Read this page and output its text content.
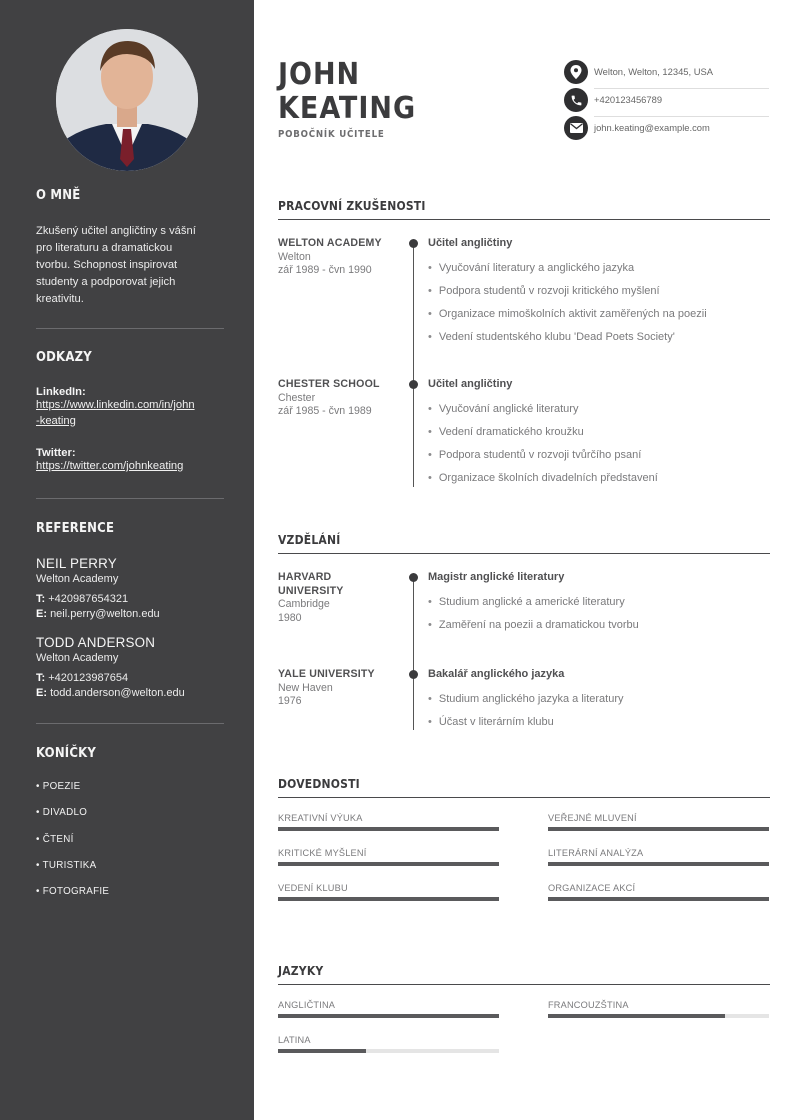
O MNĚ
Zkušený učitel angličtiny s vášní
pro literaturu a dramatickou
tvorbu. Schopnost inspirovat
studenty a podporovat jejich
kreativitu.
ODKAZY
LinkedIn:
https://www.linkedin.com/in/john
-keating
Twitter:
https://twitter.com/johnkeating
REFERENCE
NEIL PERRY
Welton Academy
T: +420987654321
E: neil.perry@welton.edu
TODD ANDERSON
Welton Academy
T: +420123987654
E: todd.anderson@welton.edu
KONÍČKY
• POEZIE
• DIVADLO
• ČTENÍ
• TURISTIKA
• FOTOGRAFIE
JOHN
KEATING
POBOČNÍK UČITELE
Welton, Welton, 12345, USA
+420123456789
john.keating@example.com
PRACOVNÍ ZKUŠENOSTI
WELTON ACADEMY
Welton
zář 1989 - čvn 1990
Učitel angličtiny
• Vyučování literatury a anglického jazyka
• Podpora studentů v rozvoji kritického myšlení
• Organizace mimoškolních aktivit zaměřených na poezii
• Vedení studentského klubu 'Dead Poets Society'
CHESTER SCHOOL
Chester
zář 1985 - čvn 1989
Učitel angličtiny
• Vyučování anglické literatury
• Vedení dramatického kroužku
• Podpora studentů v rozvoji tvůrčího psaní
• Organizace školních divadelních představení
VZDĚLÁNÍ
HARVARD
UNIVERSITY
Cambridge
1980
Magistr anglické literatury
• Studium anglické a americké literatury
• Zaměření na poezii a dramatickou tvorbu
YALE UNIVERSITY
New Haven
1976
Bakalář anglického jazyka
• Studium anglického jazyka a literatury
• Účast v literárním klubu
DOVEDNOSTI
KREATIVNÍ VÝUKA	VEŘEJNÉ MLUVENÍ
KRITICKÉ MYŠLENÍ	LITERÁRNÍ ANALÝZA
VEDENÍ KLUBU	ORGANIZACE AKCÍ
JAZYKY
ANGLIČTINA	FRANCOUZŠTINA
LATINA
